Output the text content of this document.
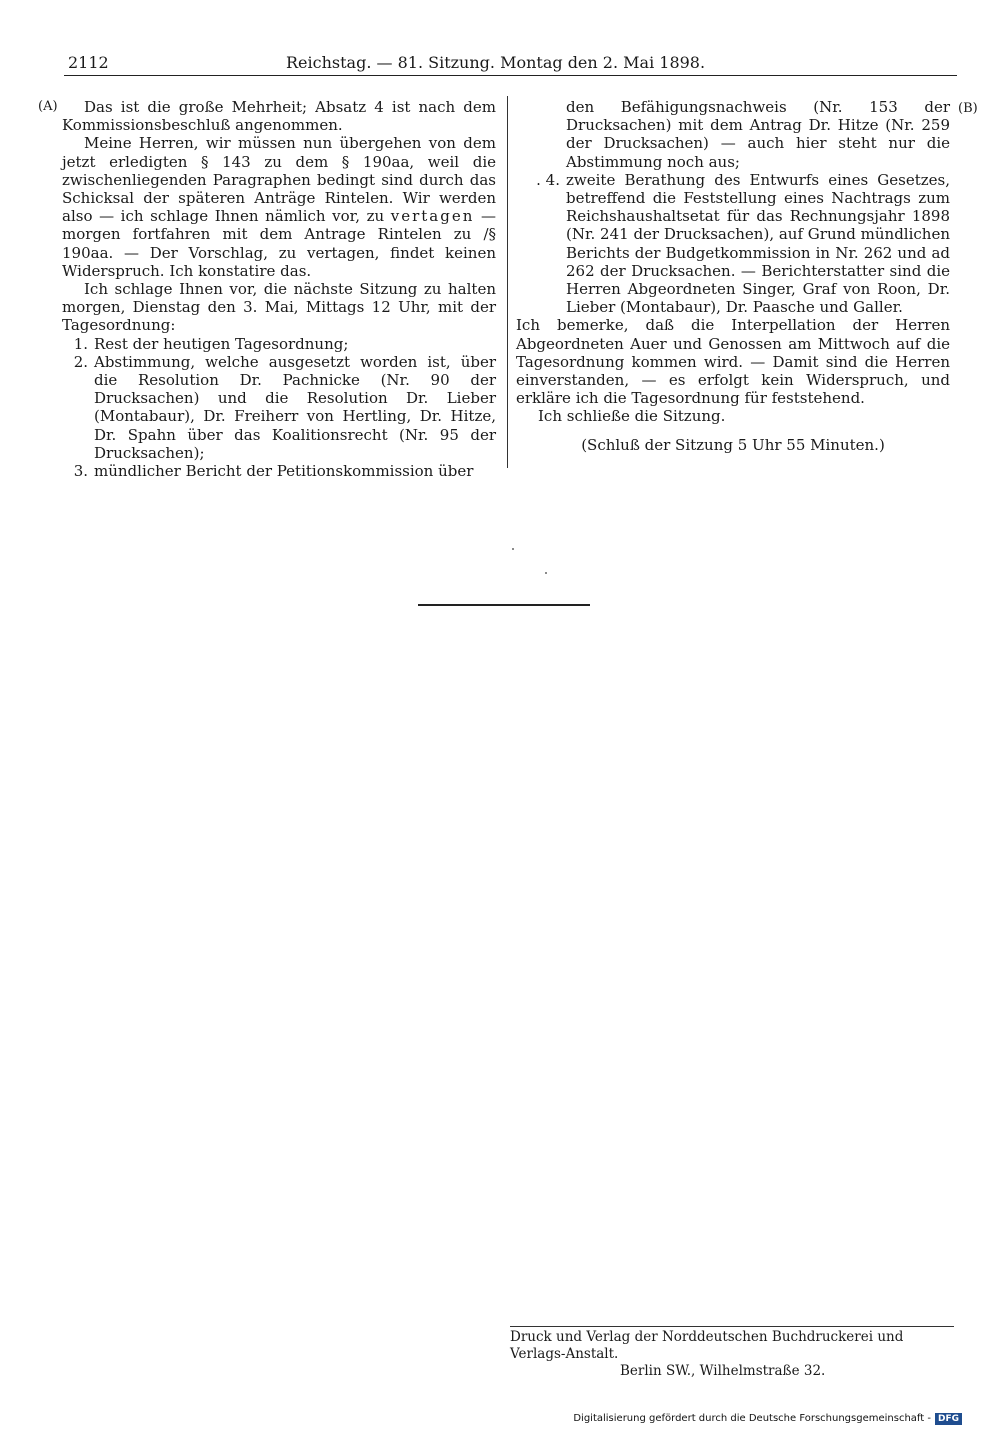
2112	Reichstag. — 81. Sitzung. Montag den 2. Mai 1898.
(A)	(B)

Das ist die große Mehrheit; Absatz 4 ist nach dem Kommissionsbeschluß angenommen.

Meine Herren, wir müssen nun übergehen von dem jetzt erledigten § 143 zu dem § 190aa, weil die zwischenliegenden Paragraphen bedingt sind durch das Schicksal der späteren Anträge Rintelen. Wir werden also — ich schlage Ihnen nämlich vor, zu vertagen — morgen fortfahren mit dem Antrage Rintelen zu /§ 190aa. — Der Vorschlag, zu vertagen, findet keinen Widerspruch. Ich konstatire das.

Ich schlage Ihnen vor, die nächste Sitzung zu halten morgen, Dienstag den 3. Mai, Mittags 12 Uhr, mit der Tagesordnung:

1. Rest der heutigen Tagesordnung;
2. Abstimmung, welche ausgesetzt worden ist, über die Resolution Dr. Pachnicke (Nr. 90 der Drucksachen) und die Resolution Dr. Lieber (Montabaur), Dr. Freiherr von Hertling, Dr. Hitze, Dr. Spahn über das Koalitionsrecht (Nr. 95 der Drucksachen);
3. mündlicher Bericht der Petitionskommission über
den Befähigungsnachweis (Nr. 153 der Drucksachen) mit dem Antrag Dr. Hitze (Nr. 259 der Drucksachen) — auch hier steht nur die Abstimmung noch aus;
. 4. zweite Berathung des Entwurfs eines Gesetzes, betreffend die Feststellung eines Nachtrags zum Reichshaushaltsetat für das Rechnungsjahr 1898 (Nr. 241 der Drucksachen), auf Grund mündlichen Berichts der Budgetkommission in Nr. 262 und ad 262 der Drucksachen. — Berichterstatter sind die Herren Abgeordneten Singer, Graf von Roon, Dr. Lieber (Montabaur), Dr. Paasche und Galler.

Ich bemerke, daß die Interpellation der Herren Abgeordneten Auer und Genossen am Mittwoch auf die Tagesordnung kommen wird. — Damit sind die Herren einverstanden, — es erfolgt kein Widerspruch, und erkläre ich die Tagesordnung für feststehend.

Ich schließe die Sitzung.

(Schluß der Sitzung 5 Uhr 55 Minuten.)

Druck und Verlag der Norddeutschen Buchdruckerei und Verlags-Anstalt.
Berlin SW., Wilhelmstraße 32.
Digitalisierung gefördert durch die Deutsche Forschungsgemeinschaft - DFG
